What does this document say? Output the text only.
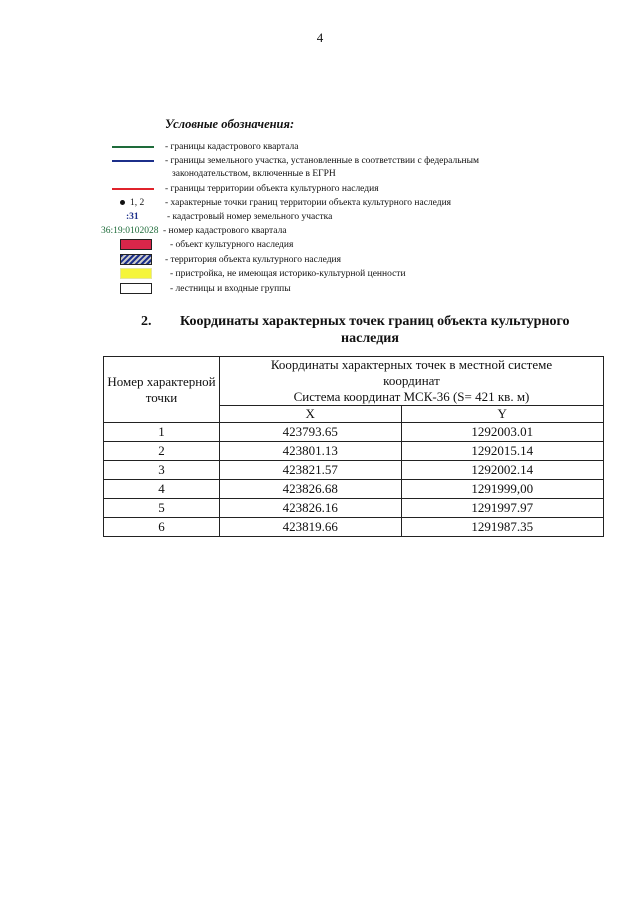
4
Условные обозначения:
- границы кадастрового квартала
- границы земельного участка, установленные в соответствии с федеральным
законодательством, включенные в ЕГРН
- границы территории объекта культурного наследия
1, 2 - характерные точки границ территории объекта культурного наследия
:31	- кадастровый номер земельного участка
36:19:0102028 - номер кадастрового квартала
- объект культурного наследия
- территория объекта культурного наследия
- пристройка, не имеющая историко-культурной ценности
- лестницы и входные группы
2. Координаты характерных точек границ объекта культурного
наследия
Номер характерной точки	Координаты характерных точек в местной системе
координат
Система координат МСК-36 (S= 421 кв. м)	

	X	Y
1	423793.65	1292003.01
2	423801.13	1292015.14
3	423821.57	1292002.14
4	423826.68	1291999,00
5	423826.16	1291997.97
6	423819.66	1291987.35
